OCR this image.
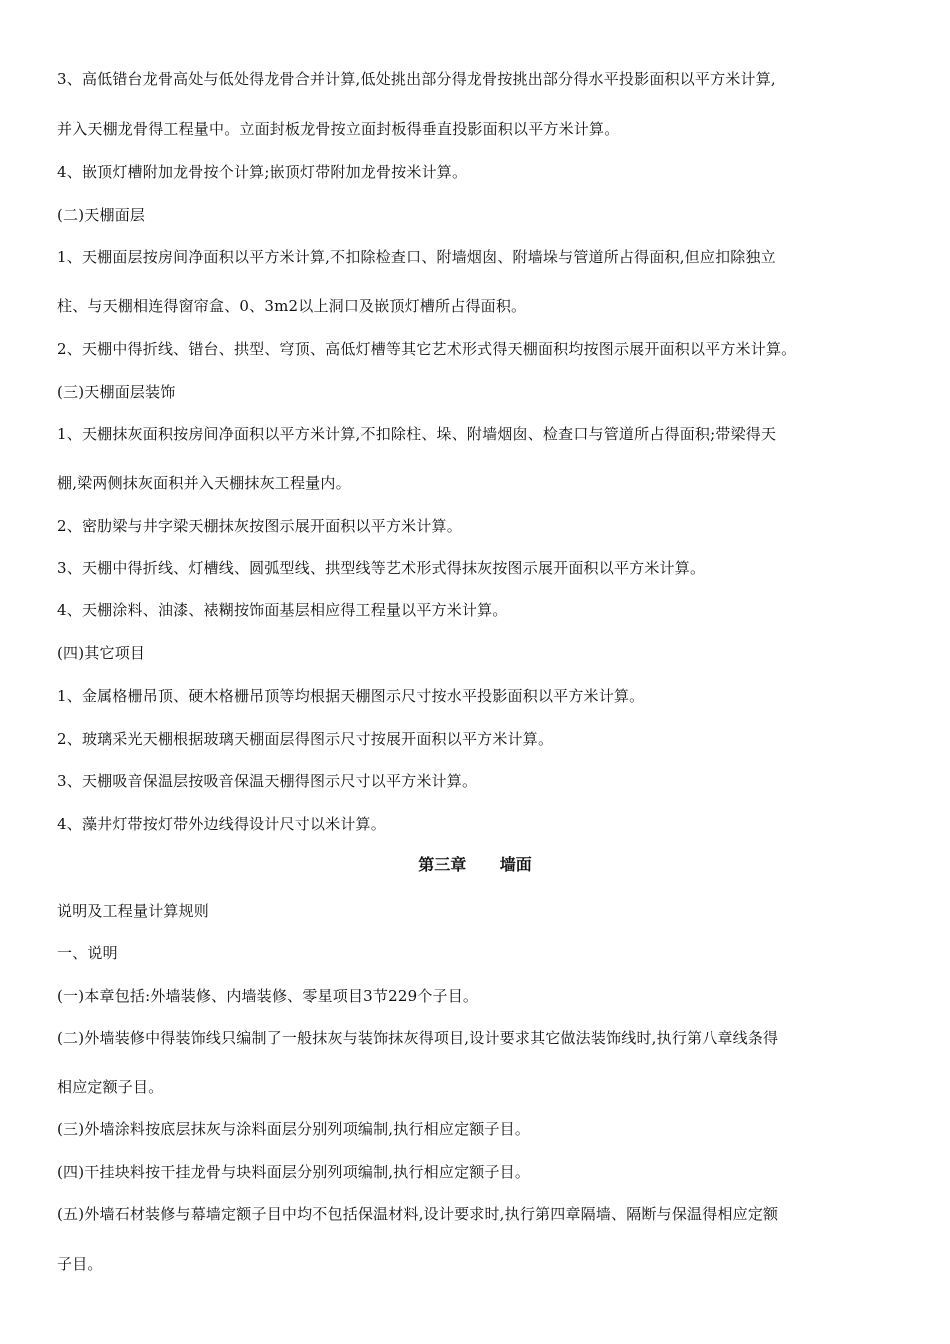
3、高低错台龙骨高处与低处得龙骨合并计算,低处挑出部分得龙骨按挑出部分得水平投影面积以平方米计算,
并入天棚龙骨得工程量中。立面封板龙骨按立面封板得垂直投影面积以平方米计算。
4、嵌顶灯槽附加龙骨按个计算;嵌顶灯带附加龙骨按米计算。
(二)天棚面层
1、天棚面层按房间净面积以平方米计算,不扣除检查口、附墙烟囱、附墙垛与管道所占得面积,但应扣除独立
柱、与天棚相连得窗帘盒、0、3m2以上洞口及嵌顶灯槽所占得面积。
2、天棚中得折线、错台、拱型、穹顶、高低灯槽等其它艺术形式得天棚面积均按图示展开面积以平方米计算。
(三)天棚面层装饰
1、天棚抹灰面积按房间净面积以平方米计算,不扣除柱、垛、附墙烟囱、检查口与管道所占得面积;带梁得天
棚,梁两侧抹灰面积并入天棚抹灰工程量内。
2、密肋梁与井字梁天棚抹灰按图示展开面积以平方米计算。
3、天棚中得折线、灯槽线、圆弧型线、拱型线等艺术形式得抹灰按图示展开面积以平方米计算。
4、天棚涂料、油漆、裱糊按饰面基层相应得工程量以平方米计算。
(四)其它项目
1、金属格栅吊顶、硬木格栅吊顶等均根据天棚图示尺寸按水平投影面积以平方米计算。
2、玻璃采光天棚根据玻璃天棚面层得图示尺寸按展开面积以平方米计算。
3、天棚吸音保温层按吸音保温天棚得图示尺寸以平方米计算。
4、藻井灯带按灯带外边线得设计尺寸以米计算。
第三章      墙面
说明及工程量计算规则
一、说明
(一)本章包括:外墙装修、内墙装修、零星项目3节229个子目。
(二)外墙装修中得装饰线只编制了一般抹灰与装饰抹灰得项目,设计要求其它做法装饰线时,执行第八章线条得
相应定额子目。
(三)外墙涂料按底层抹灰与涂料面层分别列项编制,执行相应定额子目。
(四)干挂块料按干挂龙骨与块料面层分别列项编制,执行相应定额子目。
(五)外墙石材装修与幕墙定额子目中均不包括保温材料,设计要求时,执行第四章隔墙、隔断与保温得相应定额
子目。
